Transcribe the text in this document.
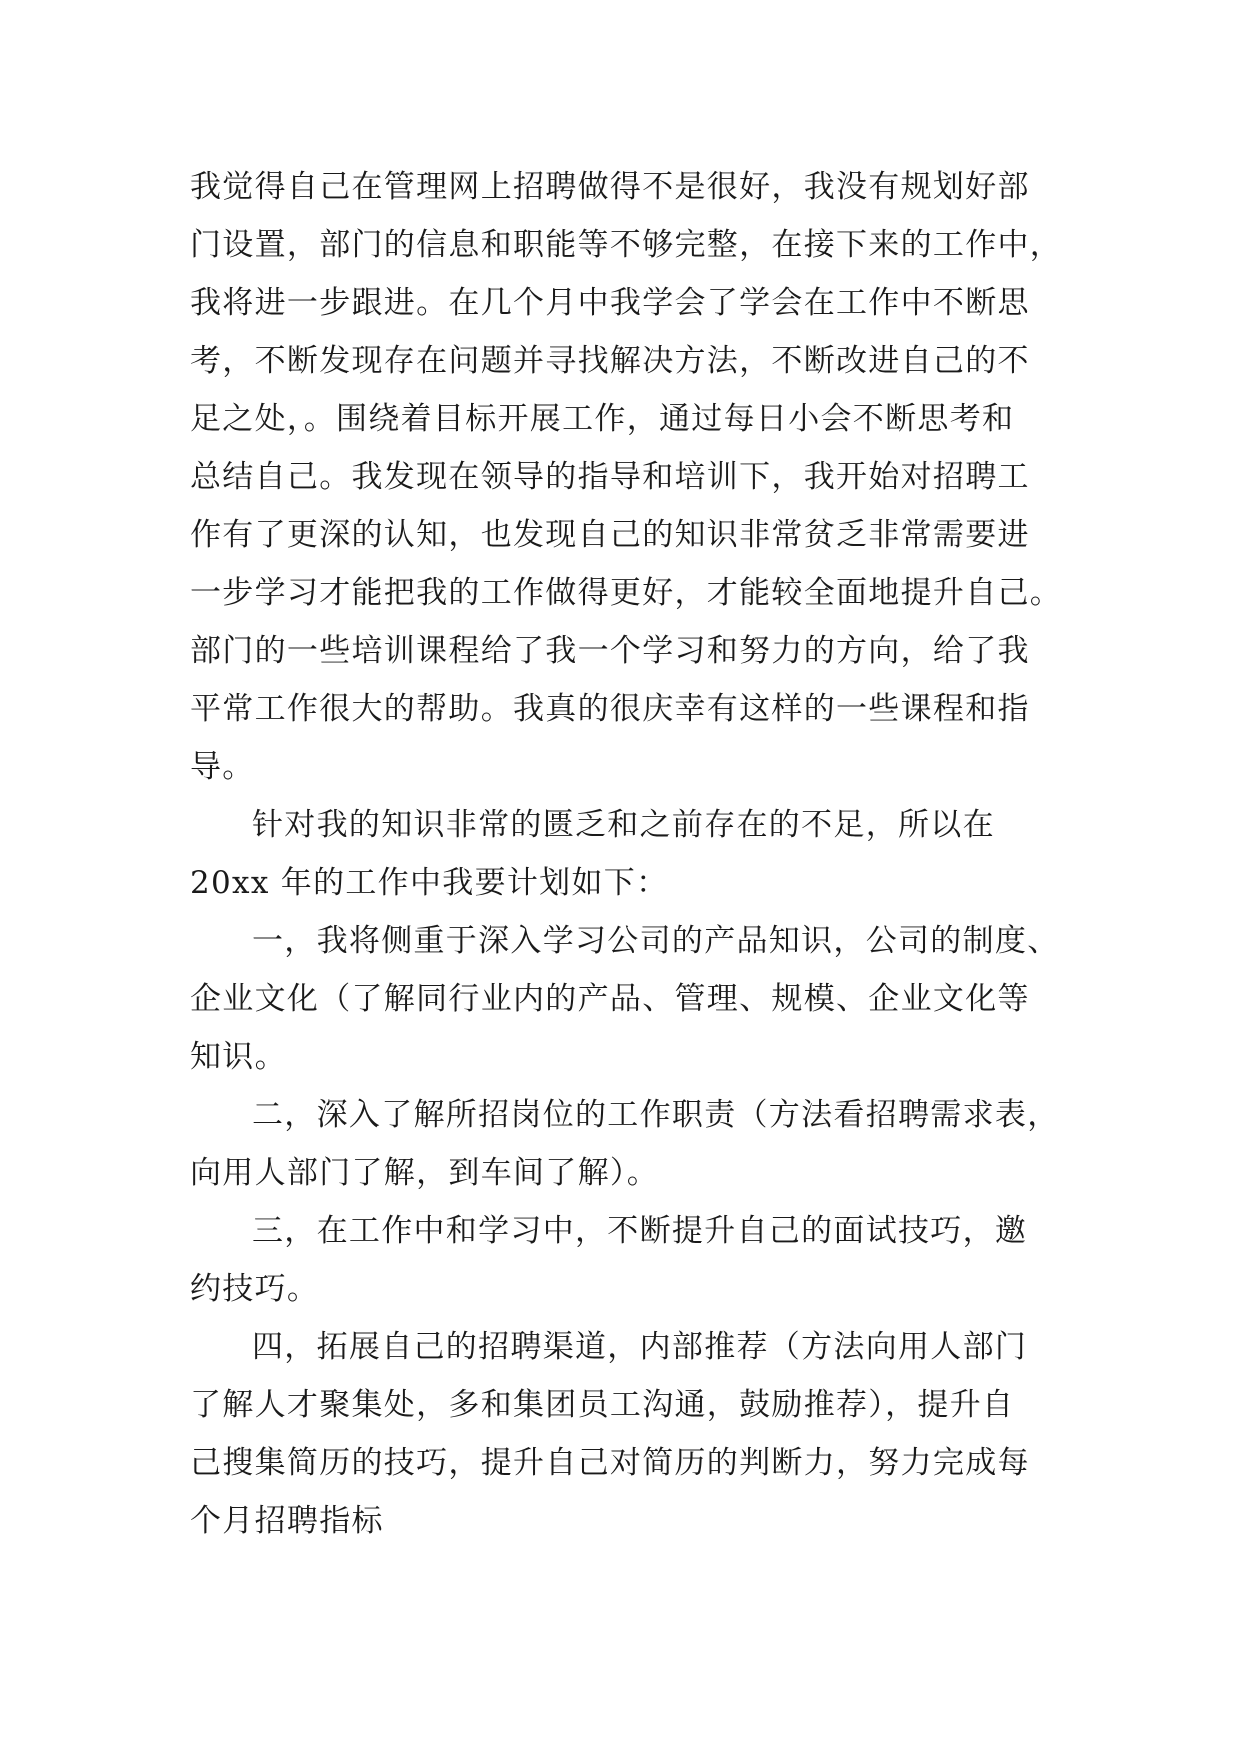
我觉得自己在管理网上招聘做得不是很好，我没有规划好部
门设置，部门的信息和职能等不够完整，在接下来的工作中，
我将进一步跟进。在几个月中我学会了学会在工作中不断思
考，不断发现存在问题并寻找解决方法，不断改进自己的不
足之处，。围绕着目标开展工作，通过每日小会不断思考和
总结自己。我发现在领导的指导和培训下，我开始对招聘工
作有了更深的认知，也发现自己的知识非常贫乏非常需要进
一步学习才能把我的工作做得更好，才能较全面地提升自己。
部门的一些培训课程给了我一个学习和努力的方向，给了我
平常工作很大的帮助。我真的很庆幸有这样的一些课程和指
导。
针对我的知识非常的匮乏和之前存在的不足，所以在
20xx 年的工作中我要计划如下：
一，我将侧重于深入学习公司的产品知识，公司的制度、
企业文化（了解同行业内的产品、管理、规模、企业文化等
知识。
二，深入了解所招岗位的工作职责（方法看招聘需求表，
向用人部门了解，到车间了解）。
三，在工作中和学习中，不断提升自己的面试技巧，邀
约技巧。
四，拓展自己的招聘渠道，内部推荐（方法向用人部门
了解人才聚集处，多和集团员工沟通，鼓励推荐），提升自
己搜集简历的技巧，提升自己对简历的判断力，努力完成每
个月招聘指标
